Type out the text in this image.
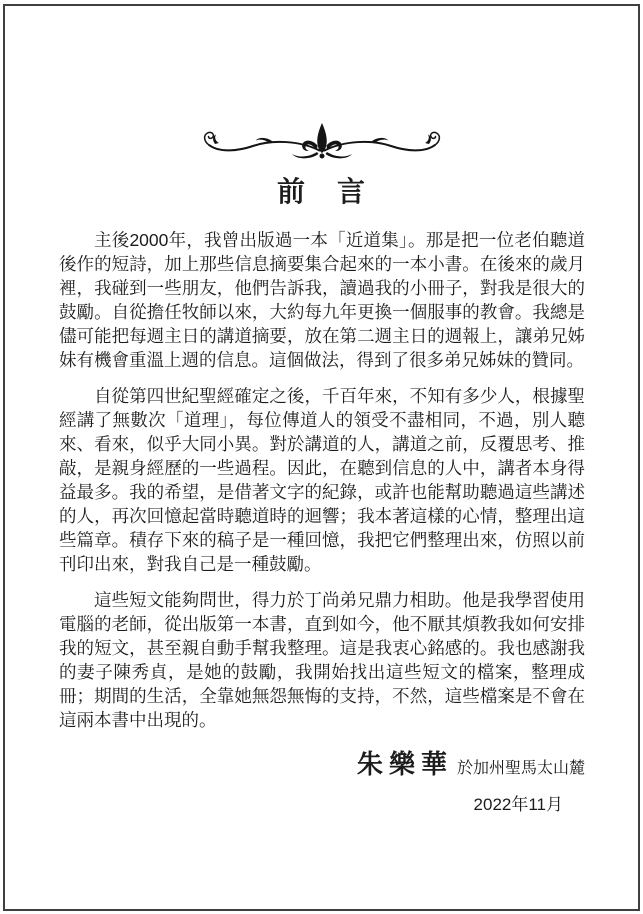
前　言

主後2000年，我曾出版過一本「近道集」。那是把一位老伯聽道後作的短詩，加上那些信息摘要集合起來的一本小書。在後來的歲月裡，我碰到一些朋友，他們告訴我，讀過我的小冊子，對我是很大的鼓勵。自從擔任牧師以來，大約每九年更換一個服事的教會。我總是儘可能把每週主日的講道摘要，放在第二週主日的週報上，讓弟兄姊妹有機會重溫上週的信息。這個做法，得到了很多弟兄姊妹的贊同。

自從第四世紀聖經確定之後，千百年來，不知有多少人，根據聖經講了無數次「道理」，每位傳道人的領受不盡相同，不過，別人聽來、看來，似乎大同小異。對於講道的人，講道之前，反覆思考、推敲，是親身經歷的一些過程。因此，在聽到信息的人中，講者本身得益最多。我的希望，是借著文字的紀錄，或許也能幫助聽過這些講述的人，再次回憶起當時聽道時的迴響；我本著這樣的心情，整理出這些篇章。積存下來的稿子是一種回憶，我把它們整理出來，仿照以前刊印出來，對我自己是一種鼓勵。

這些短文能夠問世，得力於丁尚弟兄鼎力相助。他是我學習使用電腦的老師，從出版第一本書，直到如今，他不厭其煩教我如何安排我的短文，甚至親自動手幫我整理。這是我衷心銘感的。我也感謝我的妻子陳秀貞，是她的鼓勵，我開始找出這些短文的檔案，整理成冊；期間的生活，全靠她無怨無悔的支持，不然，這些檔案是不會在這兩本書中出現的。

朱樂華 於加州聖馬太山麓
2022年11月
